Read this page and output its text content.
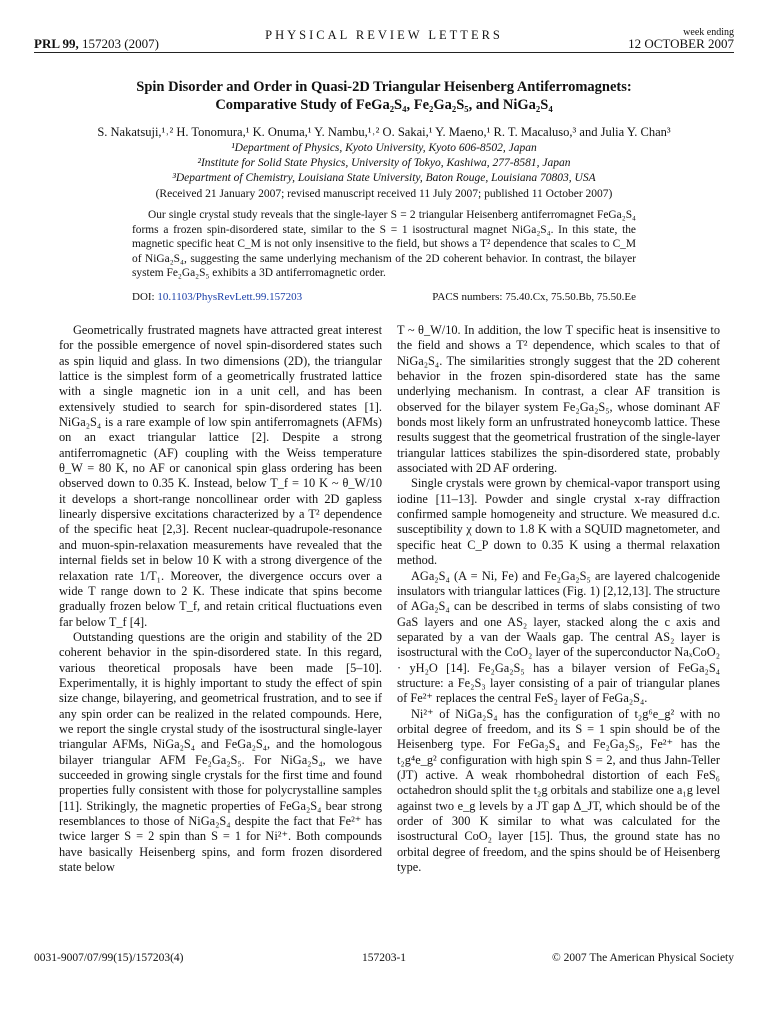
PRL 99, 157203 (2007)
PHYSICAL REVIEW LETTERS	week ending
12 OCTOBER 2007
Spin Disorder and Order in Quasi-2D Triangular Heisenberg Antiferromagnets:
Comparative Study of FeGa₂S₄, Fe₂Ga₂S₅, and NiGa₂S₄
S. Nakatsuji,¹˒² H. Tonomura,¹ K. Onuma,¹ Y. Nambu,¹˒² O. Sakai,¹ Y. Maeno,¹ R. T. Macaluso,³ and Julia Y. Chan³
¹Department of Physics, Kyoto University, Kyoto 606-8502, Japan
²Institute for Solid State Physics, University of Tokyo, Kashiwa, 277-8581, Japan
³Department of Chemistry, Louisiana State University, Baton Rouge, Louisiana 70803, USA
(Received 21 January 2007; revised manuscript received 11 July 2007; published 11 October 2007)
Our single crystal study reveals that the single-layer S = 2 triangular Heisenberg antiferromagnet FeGa₂S₄ forms a frozen spin-disordered state, similar to the S = 1 isostructural magnet NiGa₂S₄. In this state, the magnetic specific heat C_M is not only insensitive to the field, but shows a T² dependence that scales to C_M of NiGa₂S₄, suggesting the same underlying mechanism of the 2D coherent behavior. In contrast, the bilayer system Fe₂Ga₂S₅ exhibits a 3D antiferromagnetic order.
DOI: 10.1103/PhysRevLett.99.157203	PACS numbers: 75.40.Cx, 75.50.Bb, 75.50.Ee

Geometrically frustrated magnets have attracted great interest for the possible emergence of novel spin-disordered states such as spin liquid and glass. In two dimensions (2D), the triangular lattice is the simplest form of a geometrically frustrated lattice with a single magnetic ion in a unit cell, and has been extensively studied to search for spin-disordered states [1]. NiGa₂S₄ is a rare example of low spin antiferromagnets (AFMs) on an exact triangular lattice [2]. Despite a strong antiferromagnetic (AF) coupling with the Weiss temperature θ_W = 80 K, no AF or canonical spin glass ordering has been observed down to 0.35 K. Instead, below T_f = 10 K ~ θ_W/10 it develops a short-range noncollinear order with 2D gapless linearly dispersive excitations characterized by a T² dependence of the specific heat [2,3]. Recent nuclear-quadrupole-resonance and muon-spin-relaxation measurements have revealed that the internal fields set in below 10 K with a strong divergence of the relaxation rate 1/T₁. Moreover, the divergence occurs over a wide T range down to 2 K. These indicate that spins become gradually frozen below T_f, and retain critical fluctuations even far below T_f [4].

Outstanding questions are the origin and stability of the 2D coherent behavior in the spin-disordered state. In this regard, various theoretical proposals have been made [5–10]. Experimentally, it is highly important to study the effect of spin size change, bilayering, and geometrical frustration, and to see if any spin order can be realized in the related compounds. Here, we report the single crystal study of the isostructural single-layer triangular AFMs, NiGa₂S₄ and FeGa₂S₄, and the homologous bilayer triangular AFM Fe₂Ga₂S₅. For NiGa₂S₄, we have succeeded in growing single crystals for the first time and found properties fully consistent with those for polycrystalline samples [11]. Strikingly, the magnetic properties of FeGa₂S₄ bear strong resemblances to those of NiGa₂S₄ despite the fact that Fe²⁺ has twice larger S = 2 spin than S = 1 for Ni²⁺. Both compounds have basically Heisenberg spins, and form frozen disordered state below

T ~ θ_W/10. In addition, the low T specific heat is insensitive to the field and shows a T² dependence, which scales to that of NiGa₂S₄. The similarities strongly suggest that the 2D coherent behavior in the frozen spin-disordered state has the same underlying mechanism. In contrast, a clear AF transition is observed for the bilayer system Fe₂Ga₂S₅, whose dominant AF bonds most likely form an unfrustrated honeycomb lattice. These results suggest that the geometrical frustration of the single-layer triangular lattices stabilizes the spin-disordered state, probably associated with 2D AF ordering.

Single crystals were grown by chemical-vapor transport using iodine [11–13]. Powder and single crystal x-ray diffraction confirmed sample homogeneity and structure. We measured d.c. susceptibility χ down to 1.8 K with a SQUID magnetometer, and specific heat C_P down to 0.35 K using a thermal relaxation method.

AGa₂S₄ (A = Ni, Fe) and Fe₂Ga₂S₅ are layered chalcogenide insulators with triangular lattices (Fig. 1) [2,12,13]. The structure of AGa₂S₄ can be described in terms of slabs consisting of two GaS layers and one AS₂ layer, stacked along the c axis and separated by a van der Waals gap. The central AS₂ layer is isostructural with the CoO₂ layer of the superconductor NaₓCoO₂ · yH₂O [14]. Fe₂Ga₂S₅ has a bilayer version of FeGa₂S₄ structure: a Fe₂S₃ layer consisting of a pair of triangular planes of Fe²⁺ replaces the central FeS₂ layer of FeGa₂S₄.

Ni²⁺ of NiGa₂S₄ has the configuration of t₂g⁶e_g² with no orbital degree of freedom, and its S = 1 spin should be of the Heisenberg type. For FeGa₂S₄ and Fe₂Ga₂S₅, Fe²⁺ has the t₂g⁴e_g² configuration with high spin S = 2, and thus Jahn-Teller (JT) active. A weak rhombohedral distortion of each FeS₆ octahedron should split the t₂g orbitals and stabilize one a₁g level against two e_g levels by a JT gap Δ_JT, which should be of the order of 300 K similar to what was calculated for the isostructural CoO₂ layer [15]. Thus, the ground state has no orbital degree of freedom, and the spins should be of Heisenberg type.

0031-9007/07/99(15)/157203(4)	157203-1	© 2007 The American Physical Society
